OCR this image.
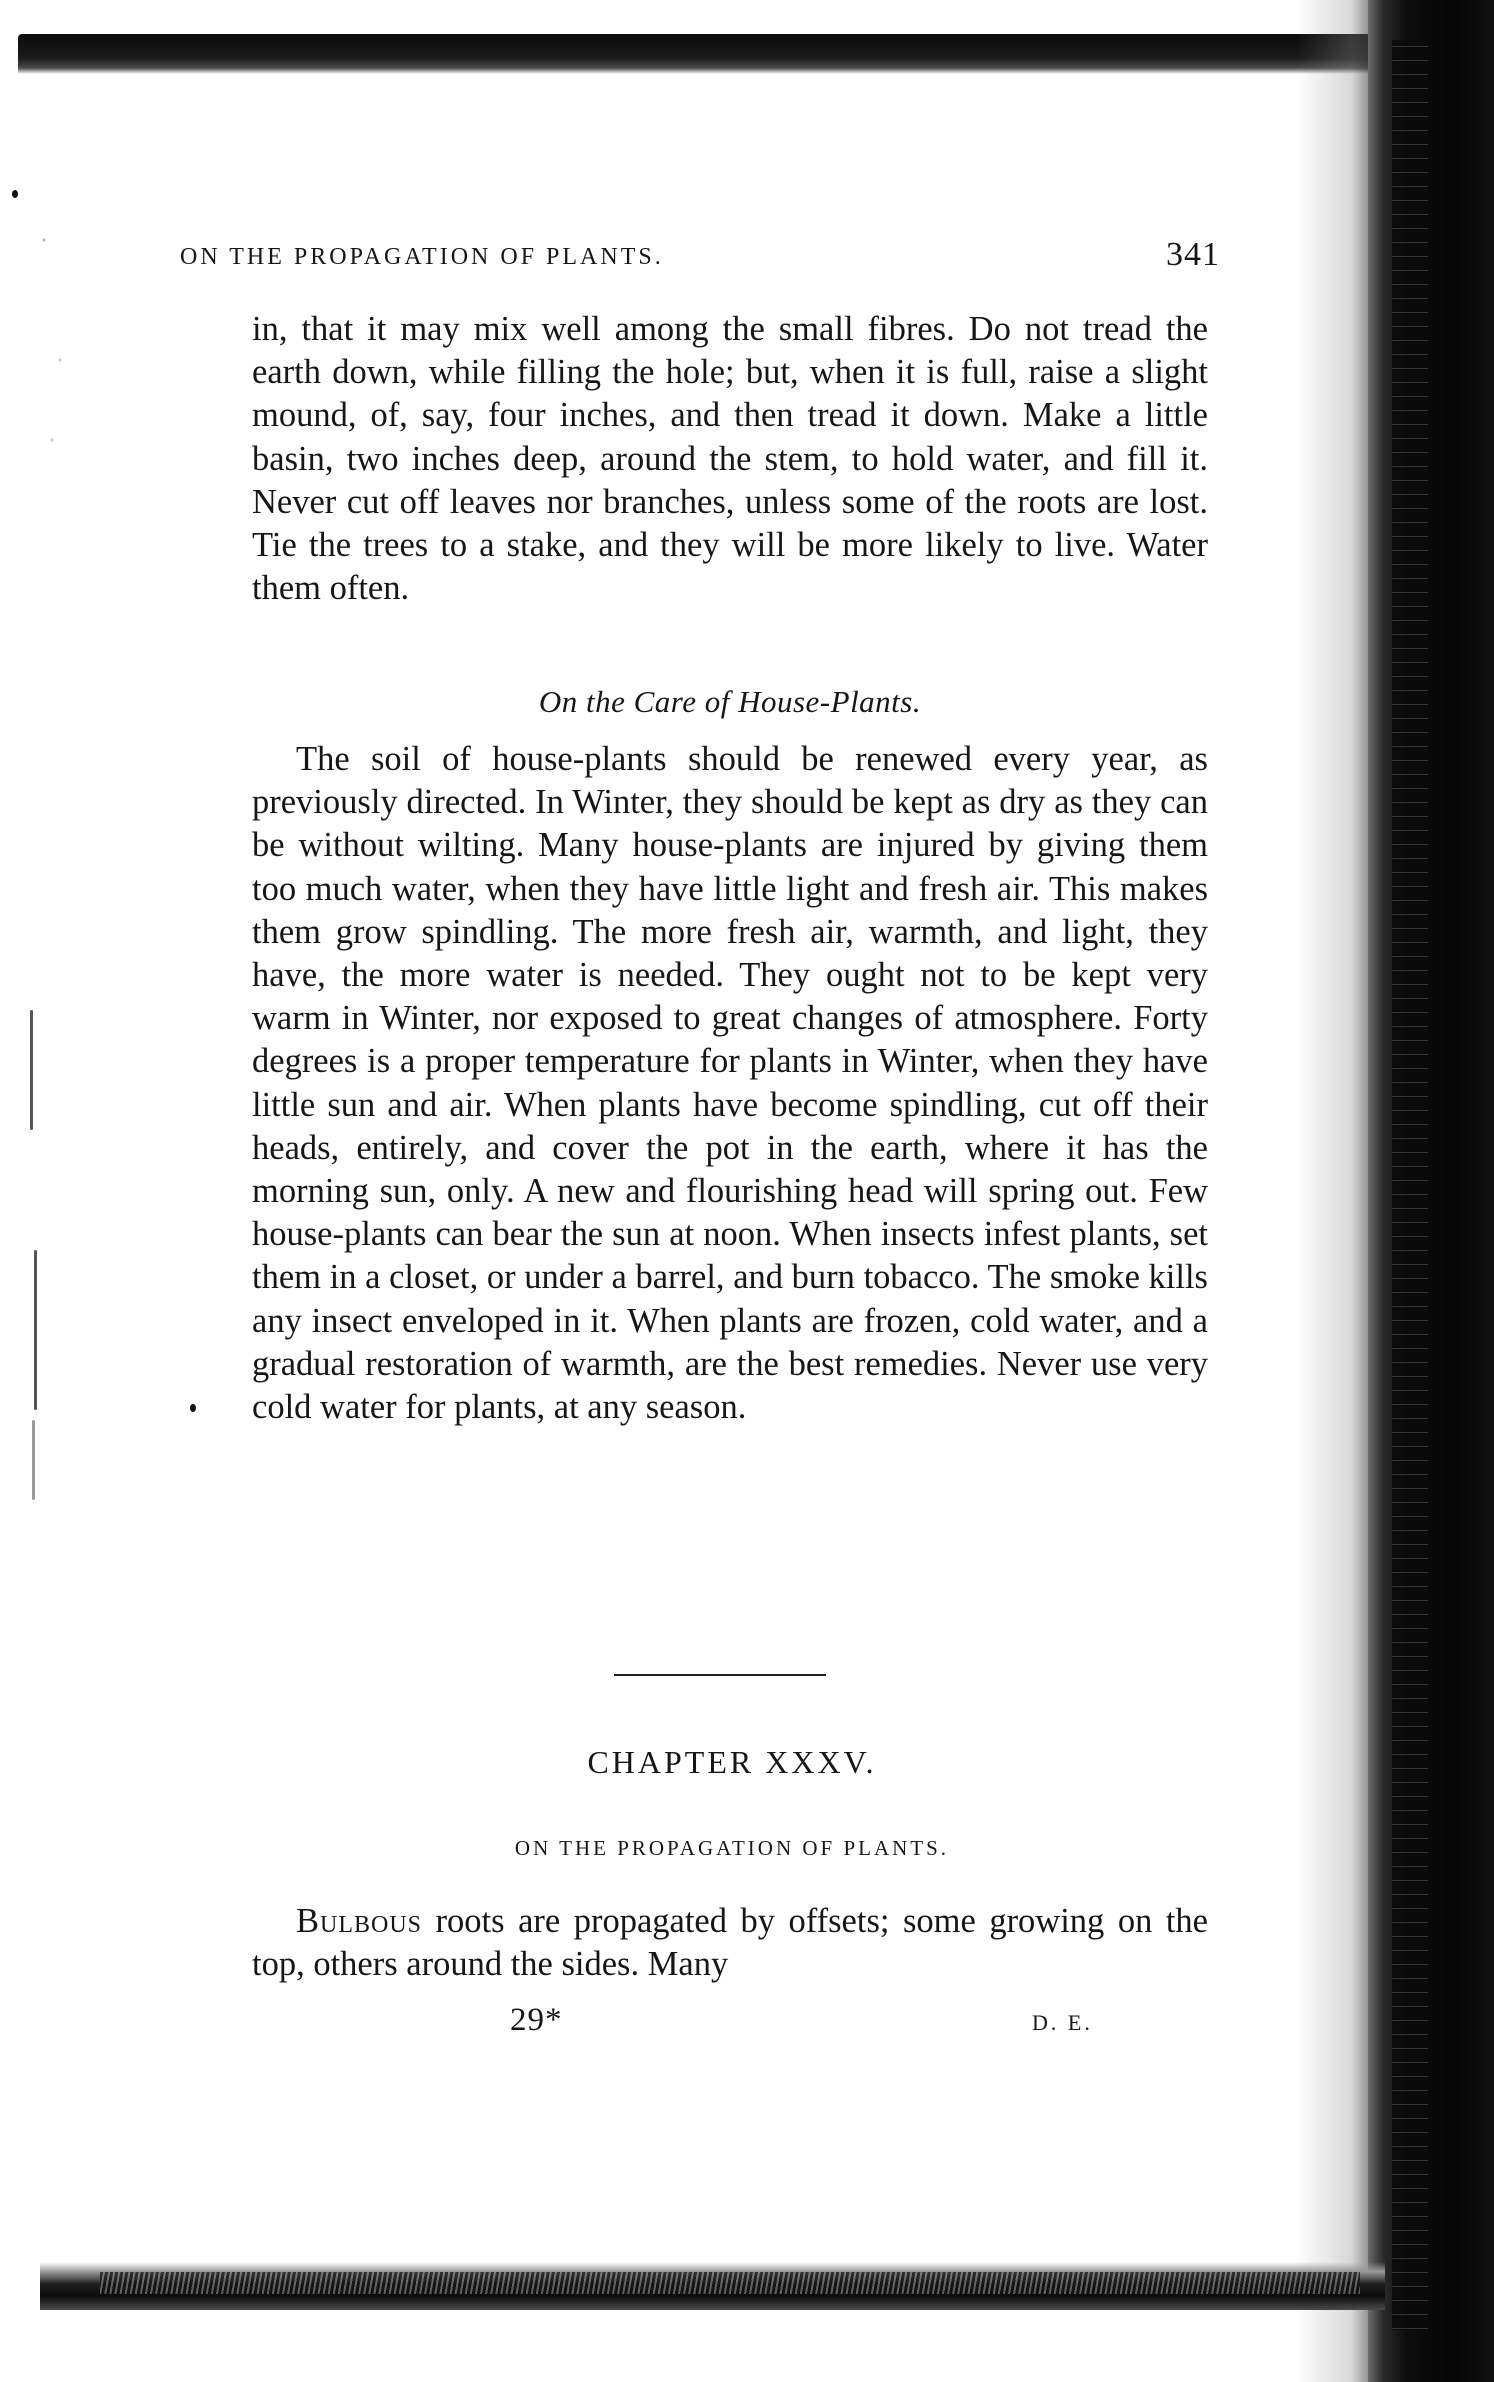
ON THE PROPAGATION OF PLANTS.	341

in, that it may mix well among the small fibres. Do not tread the earth down, while filling the hole; but, when it is full, raise a slight mound, of, say, four inches, and then tread it down. Make a little basin, two inches deep, around the stem, to hold water, and fill it. Never cut off leaves nor branches, unless some of the roots are lost. Tie the trees to a stake, and they will be more likely to live. Water them often.

On the Care of House-Plants.

The soil of house-plants should be renewed every year, as previously directed. In Winter, they should be kept as dry as they can be without wilting. Many house-plants are injured by giving them too much water, when they have little light and fresh air. This makes them grow spindling. The more fresh air, warmth, and light, they have, the more water is needed. They ought not to be kept very warm in Winter, nor exposed to great changes of atmosphere. Forty degrees is a proper temperature for plants in Winter, when they have little sun and air. When plants have become spindling, cut off their heads, entirely, and cover the pot in the earth, where it has the morning sun, only. A new and flourishing head will spring out. Few house-plants can bear the sun at noon. When insects infest plants, set them in a closet, or under a barrel, and burn tobacco. The smoke kills any insect enveloped in it. When plants are frozen, cold water, and a gradual restoration of warmth, are the best remedies. Never use very cold water for plants, at any season.

CHAPTER XXXV.
ON THE PROPAGATION OF PLANTS.

Bulbous roots are propagated by offsets; some growing on the top, others around the sides. Many

29*	D. E.
